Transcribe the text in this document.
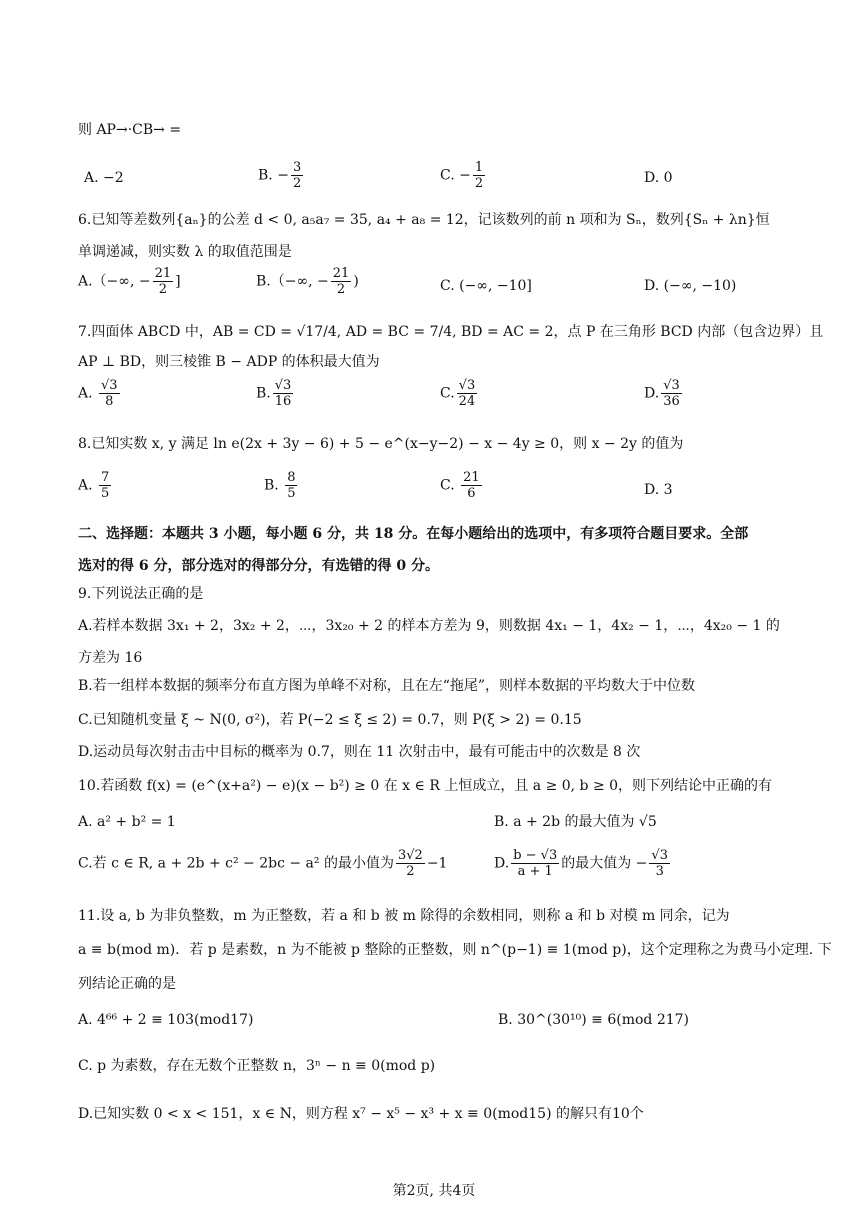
则 AP→·CB→ =
A. −2	B. − $\frac{3}{2}$	C. − $\frac{1}{2}$	D. 0
6.已知等差数列{aₙ}的公差 d < 0, a₅a₇ = 35, a₄ + a₈ = 12，记该数列的前 n 项和为 Sₙ，数列{Sₙ + λn}恒
单调递减，则实数 λ 的取值范围是
A.（−∞, − $\frac{21}{2}$ ]	B.（−∞, − $\frac{21}{2}$ )	C. (−∞, −10]	D. (−∞, −10)
7.四面体 ABCD 中，AB = CD = √17/4, AD = BC = 7/4, BD = AC = 2，点 P 在三角形 BCD 内部（包含边界）且
AP ⊥ BD，则三棱锥 B − ADP 的体积最大值为
A. $\frac{√3}{8}$	B. $\frac{√3}{16}$	C. $\frac{√3}{24}$	D. $\frac{√3}{36}$
8.已知实数 x, y 满足 ln e(2x + 3y − 6) + 5 − e^(x−y−2) − x − 4y ≥ 0，则 x − 2y 的值为
A. $\frac{7}{5}$	B. $\frac{8}{5}$	C. $\frac{21}{6}$	D. 3
二、选择题：本题共 3 小题，每小题 6 分，共 18 分。在每小题给出的选项中，有多项符合题目要求。全部
选对的得 6 分，部分选对的得部分分，有选错的得 0 分。
9.下列说法正确的是
A.若样本数据 3x₁ + 2，3x₂ + 2，⋯，3x₂₀ + 2 的样本方差为 9，则数据 4x₁ − 1，4x₂ − 1，⋯，4x₂₀ − 1 的
方差为 16
B.若一组样本数据的频率分布直方图为单峰不对称，且在左“拖尾”，则样本数据的平均数大于中位数
C.已知随机变量 ξ ~ N(0, σ²)，若 P(−2 ≤ ξ ≤ 2) = 0.7，则 P(ξ > 2) = 0.15
D.运动员每次射击击中目标的概率为 0.7，则在 11 次射击中，最有可能击中的次数是 8 次
10.若函数 f(x) = (e^(x+a²) − e)(x − b²) ≥ 0 在 x ∈ R 上恒成立，且 a ≥ 0, b ≥ 0，则下列结论中正确的有
A. a² + b² = 1	B. a + 2b 的最大值为 √5
C.若 c ∈ R, a + 2b + c² − 2bc − a² 的最小值为 $\frac{3√2}{2} -1$	D. $\frac{b - √3}{a + 1}$ 的最大值为 − $\frac{√3}{3}$
11.设 a, b 为非负整数，m 为正整数，若 a 和 b 被 m 除得的余数相同，则称 a 和 b 对模 m 同余，记为
a ≡ b(mod m)．若 p 是素数，n 为不能被 p 整除的正整数，则 n^(p−1) ≡ 1(mod p)，这个定理称之为费马小定理. 下
列结论正确的是
A. 4⁶⁶ + 2 ≡ 103(mod17)	B. 30^(30¹⁰) ≡ 6(mod 217)
C. p 为素数，存在无数个正整数 n，3ⁿ − n ≡ 0(mod p)
D.已知实数 0 < x < 151，x ∈ N，则方程 x⁷ − x⁵ − x³ + x ≡ 0(mod15) 的解只有10个
第2页, 共4页
